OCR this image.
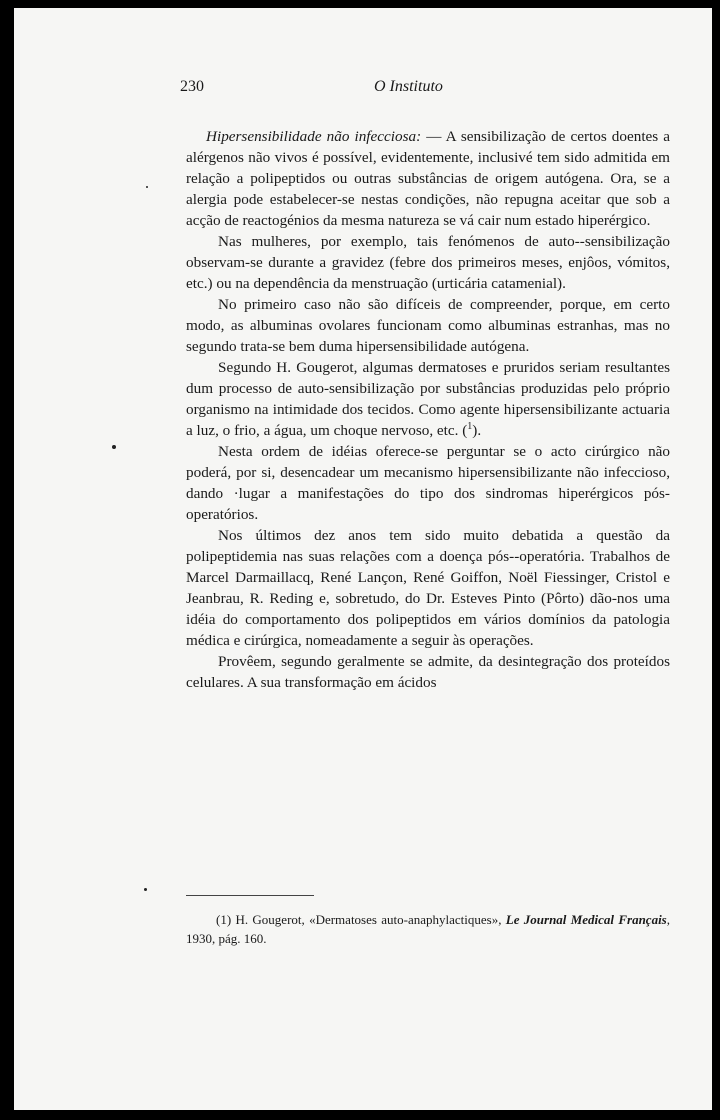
230	O Instituto

Hipersensibilidade não infecciosa: — A sensibilização de certos doentes a alérgenos não vivos é possível, evidentemente, inclusivé tem sido admitida em relação a polipeptidos ou outras substâncias de origem autógena. Ora, se a alergia pode estabelecer-se nestas condições, não repugna aceitar que sob a acção de reactogénios da mesma natureza se vá cair num estado hiperérgico.

Nas mulheres, por exemplo, tais fenómenos de auto--sensibilização observam-se durante a gravidez (febre dos primeiros meses, enjôos, vómitos, etc.) ou na dependência da menstruação (urticária catamenial).

No primeiro caso não são difíceis de compreender, porque, em certo modo, as albuminas ovolares funcionam como albuminas estranhas, mas no segundo trata-se bem duma hipersensibilidade autógena.

Segundo H. Gougerot, algumas dermatoses e pruridos seriam resultantes dum processo de auto-sensibilização por substâncias produzidas pelo próprio organismo na intimidade dos tecidos. Como agente hipersensibilizante actuaria a luz, o frio, a água, um choque nervoso, etc. ($^1$).

Nesta ordem de idéias oferece-se perguntar se o acto cirúrgico não poderá, por si, desencadear um mecanismo hipersensibilizante não infeccioso, dando ·lugar a manifestações do tipo dos sindromas hiperérgicos pós-operatórios.

Nos últimos dez anos tem sido muito debatida a questão da polipeptidemia nas suas relações com a doença pós--operatória. Trabalhos de Marcel Darmaillacq, René Lançon, René Goiffon, Noël Fiessinger, Cristol e Jeanbrau, R. Reding e, sobretudo, do Dr. Esteves Pinto (Pôrto) dão-nos uma idéia do comportamento dos polipeptidos em vários domínios da patologia médica e cirúrgica, nomeadamente a seguir às operações.

Provêem, segundo geralmente se admite, da desintegração dos proteídos celulares. A sua transformação em ácidos

(1) H. Gougerot, «Dermatoses auto-anaphylactiques», Le Journal Medical Français, 1930, pág. 160.
